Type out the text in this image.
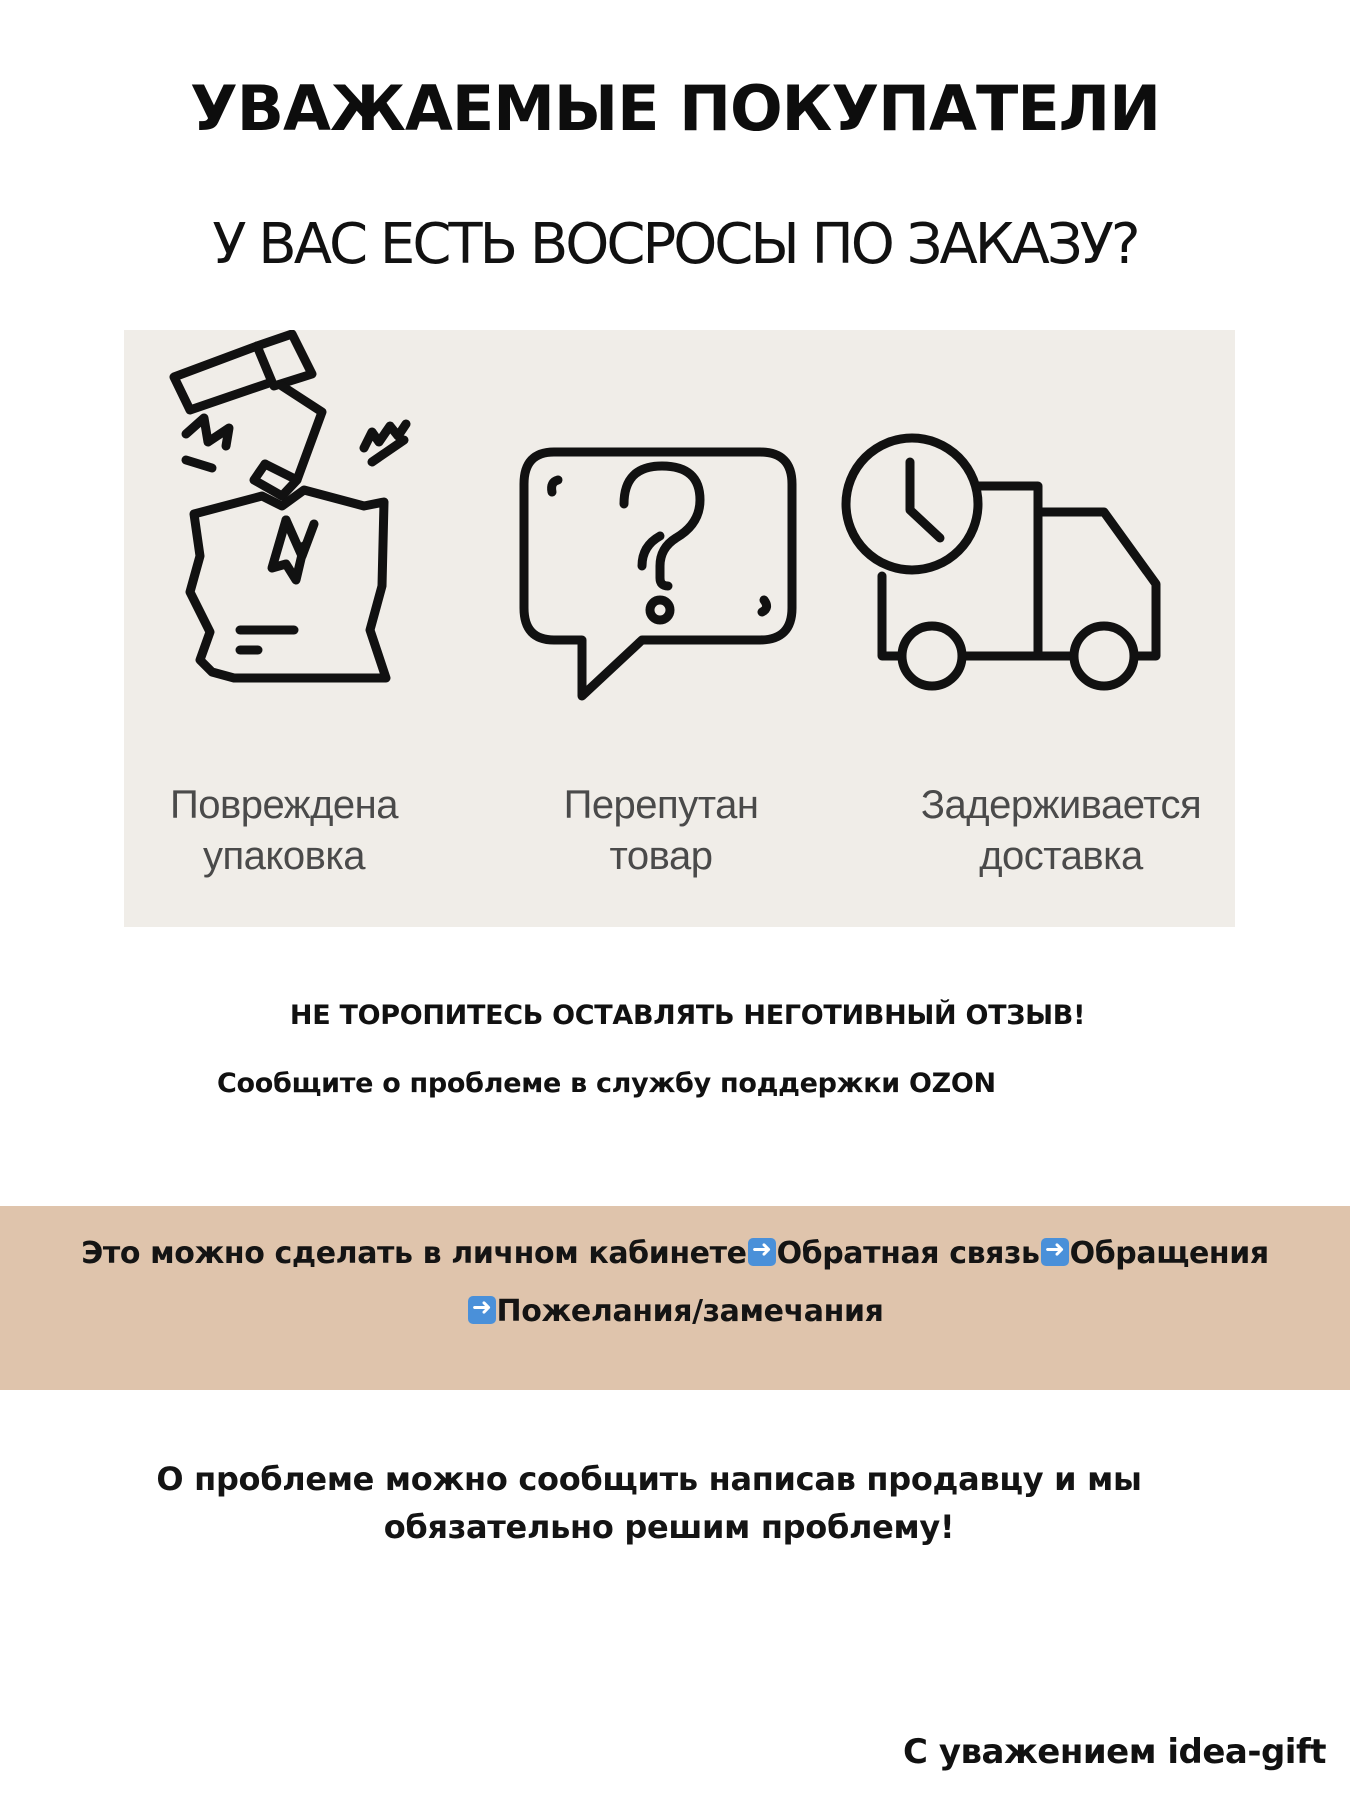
УВАЖАЕМЫЕ ПОКУПАТЕЛИ
У ВАС ЕСТЬ ВОСРОСЫ ПО ЗАКАЗУ?
Повреждена
упаковка
Перепутан
товар
Задерживается
доставка
НЕ ТОРОПИТЕСЬ ОСТАВЛЯТЬ НЕГОТИВНЫЙ ОТЗЫВ!
Сообщите о проблеме в службу поддержки OZON
Это можно сделать в личном кабинете ➜ Обратная связь ➜ Обращения
➜Пожелания/замечания
О проблеме можно сообщить написав продавцу и мы
обязательно решим проблему!
С уважением idea-gift
